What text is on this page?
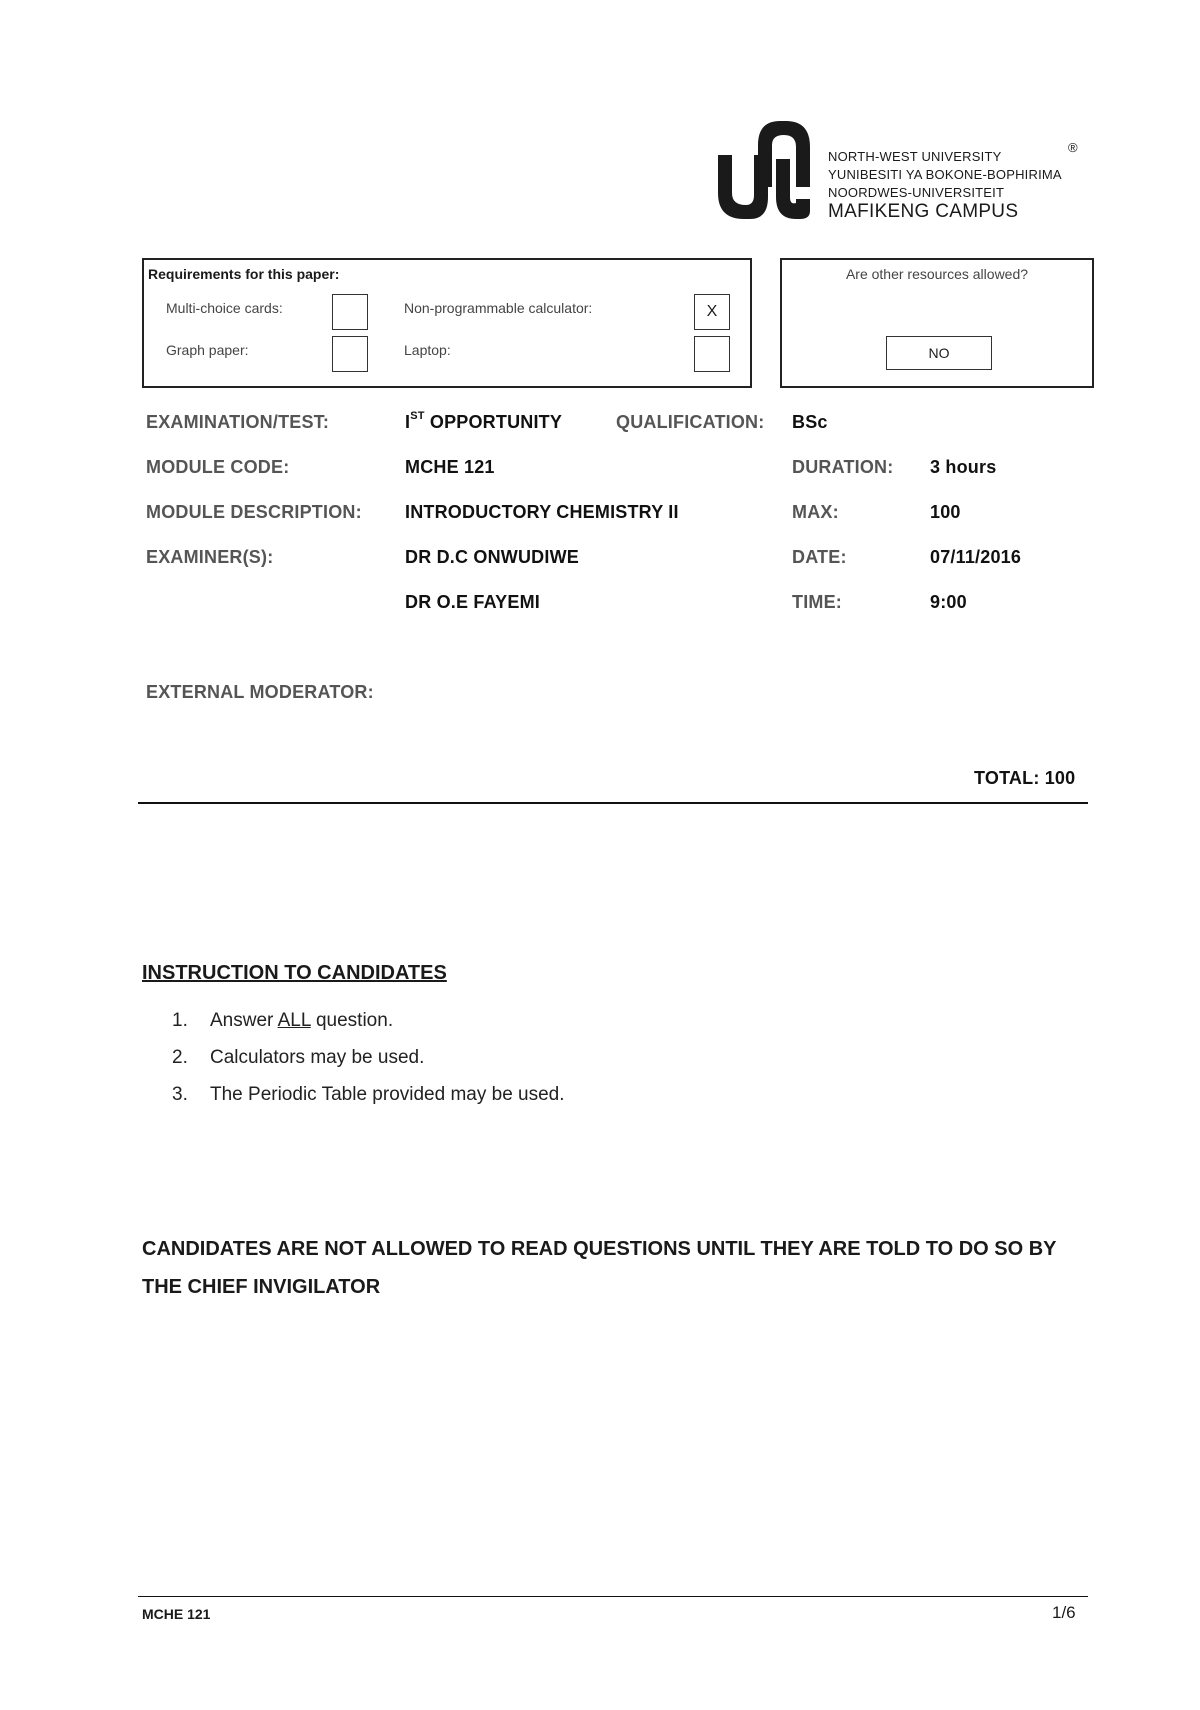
NORTH-WEST UNIVERSITY
YUNIBESITI YA BOKONE-BOPHIRIMA
NOORDWES-UNIVERSITEIT
MAFIKENG CAMPUS
®
Requirements for this paper:
Multi-choice cards:	Non-programmable calculator:	X
Graph paper:	Laptop:
Are other resources allowed?
NO
EXAMINATION/TEST:	IST OPPORTUNITY	QUALIFICATION: BSc
MODULE CODE:	MCHE 121	DURATION: 3 hours
MODULE DESCRIPTION: INTRODUCTORY CHEMISTRY II	MAX:	100
EXAMINER(S):	DR D.C ONWUDIWE	DATE:	07/11/2016
DR O.E FAYEMI	TIME:	9:00
EXTERNAL MODERATOR:
TOTAL: 100
INSTRUCTION TO CANDIDATES
1.	Answer ALL question.
2.	Calculators may be used.
3.	The Periodic Table provided may be used.
CANDIDATES ARE NOT ALLOWED TO READ QUESTIONS UNTIL THEY ARE TOLD TO DO SO BY THE CHIEF INVIGILATOR
MCHE 121	1/6
